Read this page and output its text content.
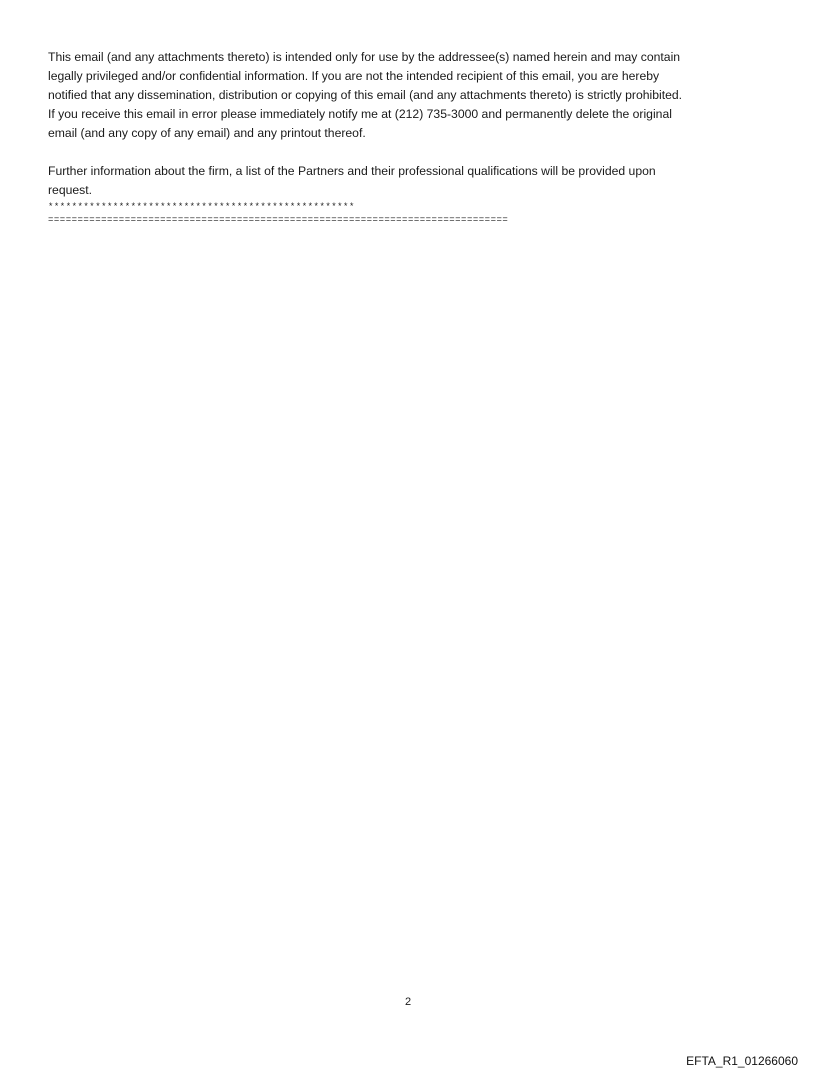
This email (and any attachments thereto) is intended only for use by the addressee(s) named herein and may contain
legally privileged and/or confidential information. If you are not the intended recipient of this email, you are hereby
notified that any dissemination, distribution or copying of this email (and any attachments thereto) is strictly prohibited.
If you receive this email in error please immediately notify me at (212) 735-3000 and permanently delete the original
email (and any copy of any email) and any printout thereof.

Further information about the firm, a list of the Partners and their professional qualifications will be provided upon
request.

****************************************************
==============================================================================
2
EFTA_R1_01266060
